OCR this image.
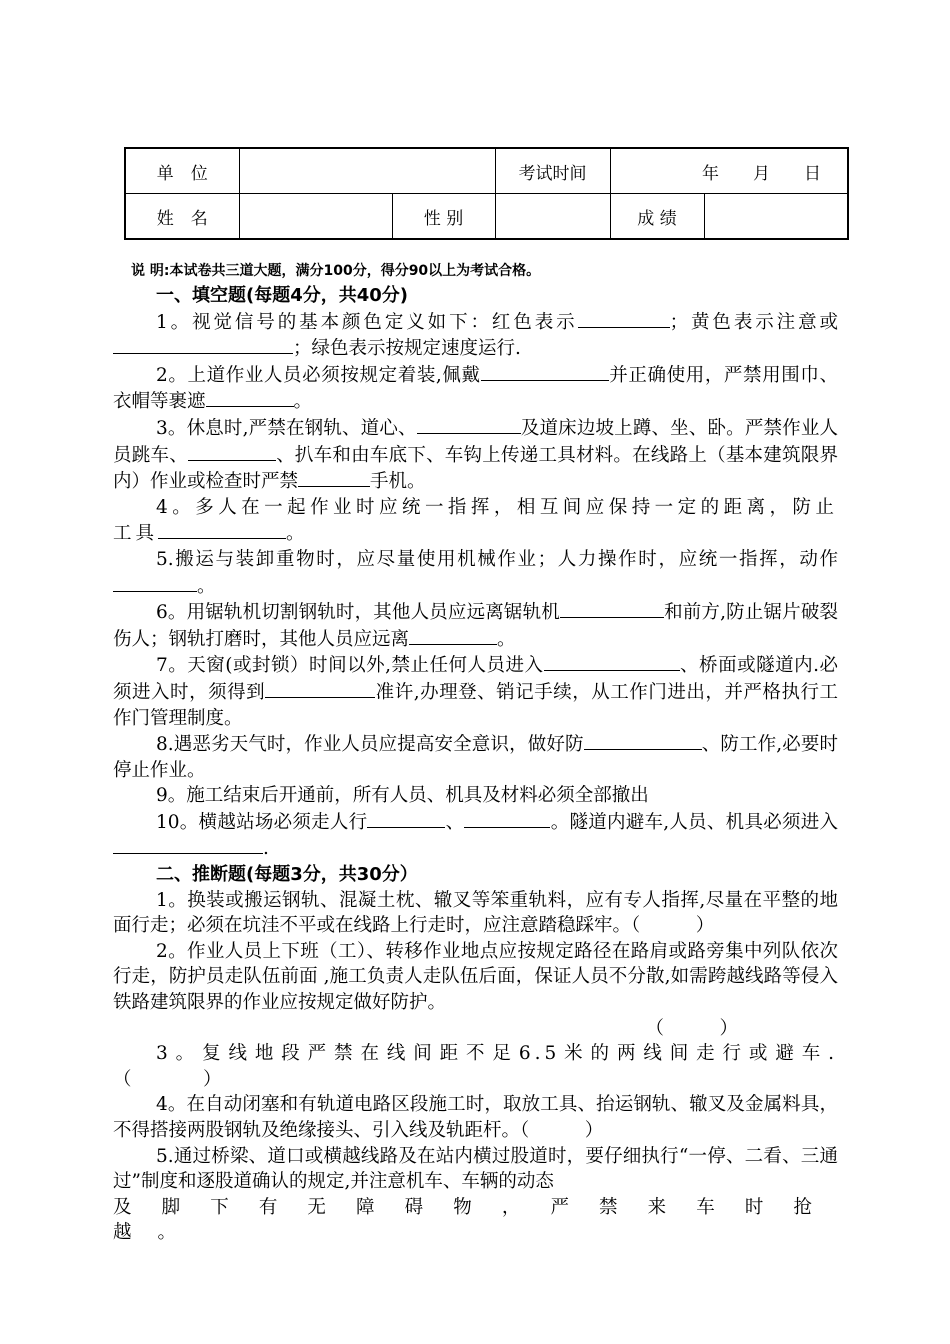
单　位			考试时间	年　　月　　日	
姓　名		性 别		成 绩	
说 明:本试卷共三道大题，满分100分，得分90以上为考试合格。

一、填空题(每题4分，共40分)

1。视觉信号的基本颜色定义如下：红色表示	；黄色表示注意或；绿色表示按规定速度运行.

2。上道作业人员必须按规定着装,佩戴	并正确使用，严禁用围巾、衣帽等裹遮	。

3。休息时,严禁在钢轨、道心、	及道床边坡上蹲、坐、卧。严禁作业人员跳车、	、扒车和由车底下、车钩上传递工具材料。在线路上（基本建筑限界内）作业或检查时严禁	手机。

4。多人在一起作业时应统一指挥，相互间应保持一定的距离，防止工具	。

5.搬运与装卸重物时，应尽量使用机械作业；人力操作时，应统一指挥，动作。

6。用锯轨机切割钢轨时，其他人员应远离锯轨机	和前方,防止锯片破裂伤人；钢轨打磨时，其他人员应远离	。

7。天窗(或封锁）时间以外,禁止任何人员进入	、桥面或隧道内.必须进入时，须得到	准许,办理登、销记手续，从工作门进出，并严格执行工作门管理制度。

8.遇恶劣天气时，作业人员应提高安全意识，做好防	、防工作,必要时停止作业。

9。施工结束后开通前，所有人员、机具及材料必须全部撤出

10。横越站场必须走人行	、	。隧道内避车,人员、机具必须进入.

二、推断题(每题3分，共30分）

1。换装或搬运钢轨、混凝土枕、辙叉等笨重轨料，应有专人指挥,尽量在平整的地面行走；必须在坑洼不平或在线路上行走时，应注意踏稳踩牢。（　　　）

2。作业人员上下班（工）、转移作业地点应按规定路径在路肩或路旁集中列队依次行走，防护员走队伍前面 ,施工负责人走队伍后面，保证人员不分散,如需跨越线路等侵入铁路建筑限界的作业应按规定做好防护。

（　　　）

3。复线地段严禁在线间距不足6.5米的两线间走行或避车.（　　　）

4。在自动闭塞和有轨道电路区段施工时，取放工具、抬运钢轨、辙叉及金属料具，不得搭接两股钢轨及绝缘接头、引入线及轨距杆。（　　　）

5.通过桥梁、道口或横越线路及在站内横过股道时，要仔细执行“一停、二看、三通过”制度和逐股道确认的规定,并注意机车、车辆的动态

及脚下有无障碍物，严禁来车时抢越。
